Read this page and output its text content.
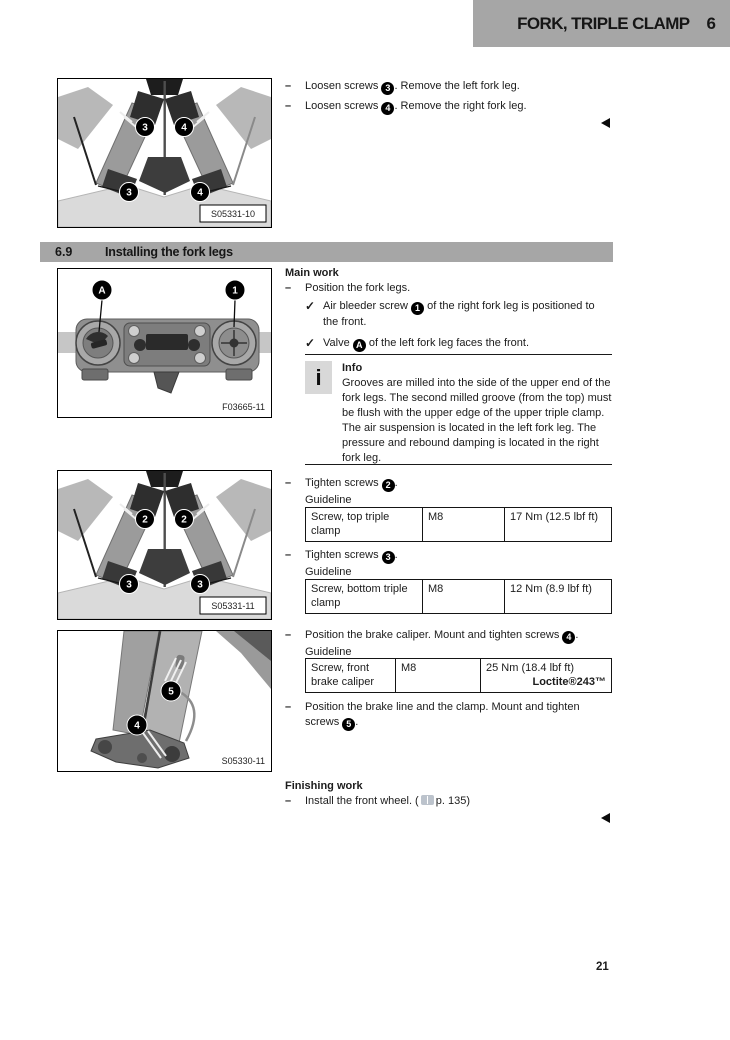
FORK, TRIPLE CLAMP 6
–	Loosen screws 3 . Remove the left fork leg.
–	Loosen screws 4 . Remove the right fork leg.
3	4
3	4
S05331-10
6.9	Installing the fork legs
A	1
F03665-11
Main work
–	Position the fork legs.
✓ Air bleeder screw 1 of the right fork leg is positioned to the front.
✓ Valve A of the left fork leg faces the front.
i	Info
Grooves are milled into the side of the upper end of the fork legs. The second milled groove (from the top) must be flush with the upper edge of the upper triple clamp. The air suspension is located in the left fork leg. The pressure and rebound damping is located in the right fork leg.
–	Tighten screws 2 .
Guideline
Screw, top triple clamp
M8	17 Nm (12.5 lbf ft)
–	Tighten screws 3 .
Guideline
Screw, bottom triple clamp
M8	12 Nm (8.9 lbf ft)
2	2
3	3
S05331-11
–	Position the brake caliper. Mount and tighten screws 4 .
Guideline
Screw, front brake caliper
M8	25 Nm (18.4 lbf ft)
Loctite®243™
–	Position the brake line and the clamp. Mount and tighten screws 5 .
5
4
S05330-11
Finishing work
–	Install the front wheel. ( p. 135)
21
